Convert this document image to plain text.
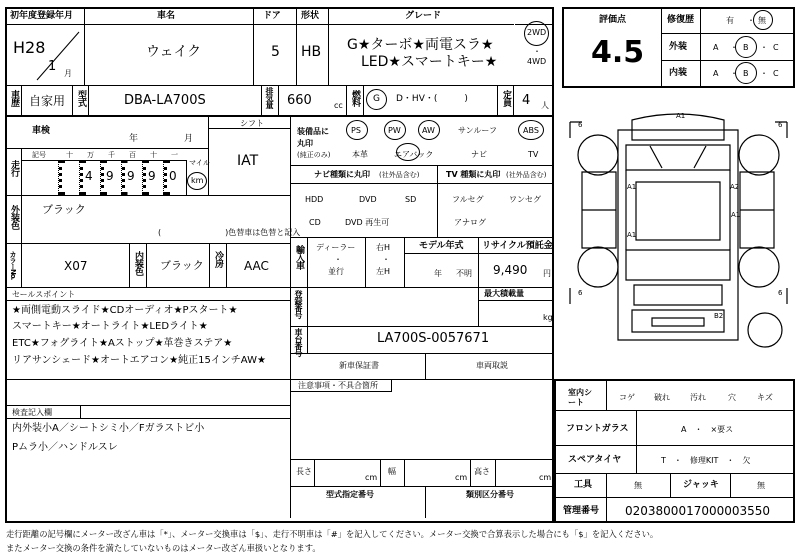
初年度登録年月	車名	ドア 形状	グレード
H28
1 月
ウェイク	5 HB G★ターボ★両電スラ★
LED★スマートキー★
2WD
・
4WD
車歴 自家用 型式	DBA-LA700S	排気量 660	cc 燃料 G D・HV・(　　　)	定員 4 人
車検
年	月
シフト
IAT
走行
記号	十 万 千 百 十 一
4 9 9 9 0
マイル
km
装備品に
丸印
(純正のみ)
PS	PW	AW	サンルーフ	ABS
本革	エアバック	ナビ	TV
ナビ種類に丸印 (社外品含む)
HDD	DVD	SD
CD	DVD 再生可
TV 種類に丸印 (社外品含む)
フルセグ	ワンセグ
アナログ
外装色 ブラック
(　　　　　　　　)色替車は色替と記入
カラーNo.	X07	内装色 ブラック 冷房 AAC	輸入車 ディーラー
・
並行
右H
・
左H
モデル年式
年 不明
リサイクル預託金
9,490 円
セールスポイント
★両側電動スライド★CDオーディオ★Pスタート★
スマートキー★オートライト★LEDライト★
ETC★フォグライト★Aストップ★革巻きステア★
リアサンシェード★オートエアコン★純正15インチAW★
登録番号	最大積載量
kg
車台番号	LA700S-0057671
新車保証書	車両取説
注意事項・不具合箇所
検査記入欄
内外装小A／シートシミ小／Fガラストビ小
Pムラ小／ハンドルスレ
長さ
cm
幅
cm
高さ
cm
型式指定番号	類別区分番号
評価点
4.5
修復歴	有 ・ 無
外装	A ・ B ・ C
内装	A ・ B ・ C
A1
A1	A2
A1
A1
B2
6	6
6	6
室内シート
コゲ 破れ	汚れ	穴	キズ
フロントガラス	A　・　×要ス
スペアタイヤ	T　・　修理KIT　・　欠
工具	無	ジャッキ	無
管理番号 0203800017000003550
走行距離の記号欄にメーター改ざん車は「*」、メーター交換車は「$」、走行不明車は「#」を記入してください。メーター交換で合算表示した場合にも「$」を記入ください。
またメーター交換の条件を満たしていないものはメーター改ざん車扱いとなります。
